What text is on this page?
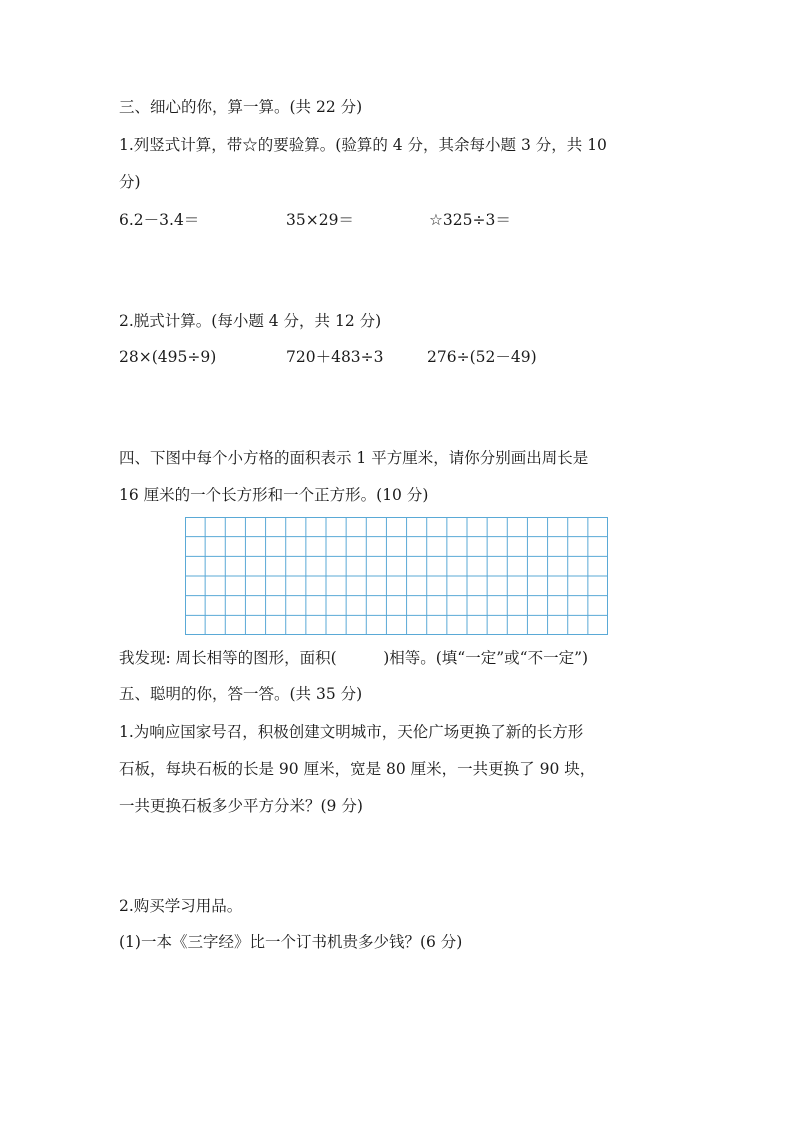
三、细心的你，算一算。(共 22 分)
1.列竖式计算，带☆的要验算。(验算的 4 分，其余每小题 3 分，共 10
分)
6.2－3.4＝	35×29＝	☆325÷3＝
2.脱式计算。(每小题 4 分，共 12 分)
28×(495÷9)	720＋483÷3	276÷(52－49)
四、下图中每个小方格的面积表示 1 平方厘米，请你分别画出周长是
16 厘米的一个长方形和一个正方形。(10 分)
我发现: 周长相等的图形，面积(　　　)相等。(填“一定”或“不一定”)
五、聪明的你，答一答。(共 35 分)
1.为响应国家号召，积极创建文明城市，天伦广场更换了新的长方形
石板，每块石板的长是 90 厘米，宽是 80 厘米，一共更换了 90 块，
一共更换石板多少平方分米？(9 分)
2.购买学习用品。
(1)一本《三字经》比一个订书机贵多少钱？(6 分)
